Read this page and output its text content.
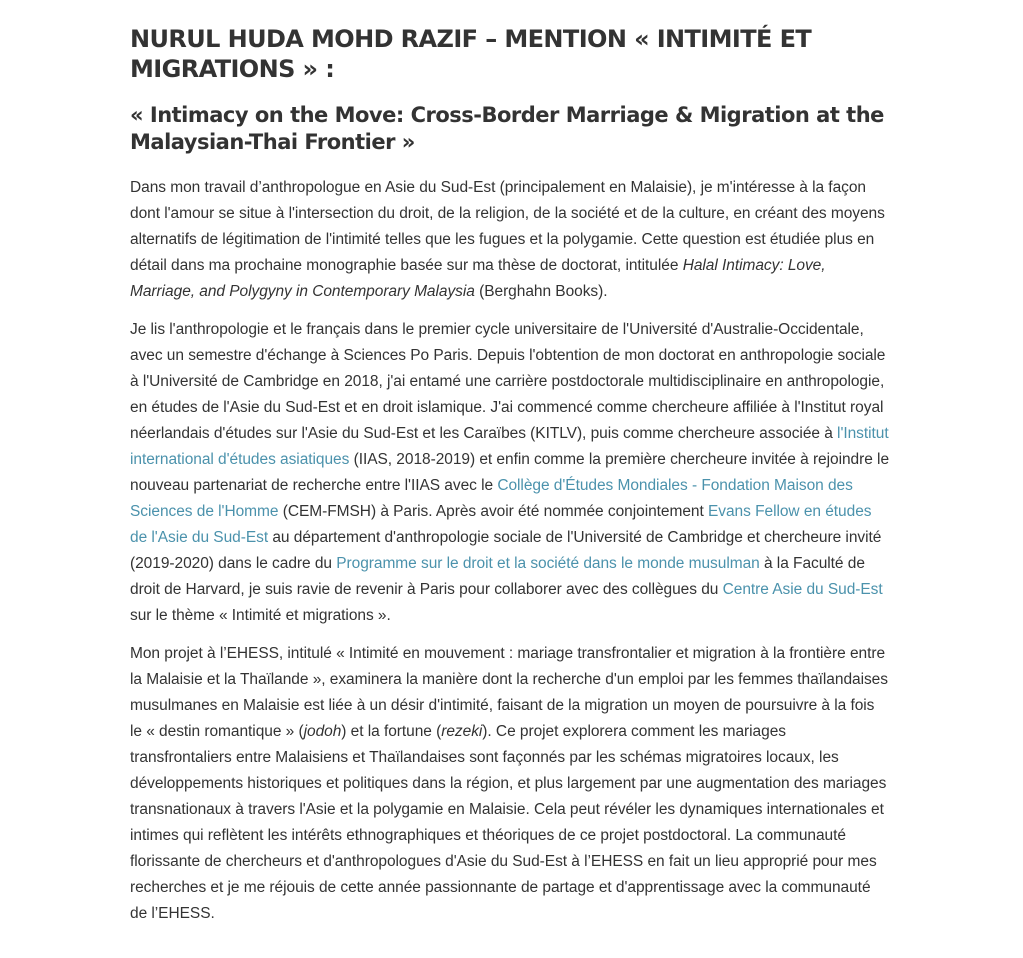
NURUL HUDA MOHD RAZIF – MENTION « INTIMITÉ ET MIGRATIONS » :
« Intimacy on the Move: Cross-Border Marriage & Migration at the Malaysian-Thai Frontier »

Dans mon travail d’anthropologue en Asie du Sud-Est (principalement en Malaisie), je m'intéresse à la façon dont l'amour se situe à l'intersection du droit, de la religion, de la société et de la culture, en créant des moyens alternatifs de légitimation de l'intimité telles que les fugues et la polygamie. Cette question est étudiée plus en détail dans ma prochaine monographie basée sur ma thèse de doctorat, intitulée Halal Intimacy: Love, Marriage, and Polygyny in Contemporary Malaysia (Berghahn Books).

Je lis l'anthropologie et le français dans le premier cycle universitaire de l'Université d'Australie-Occidentale, avec un semestre d'échange à Sciences Po Paris. Depuis l'obtention de mon doctorat en anthropologie sociale à l'Université de Cambridge en 2018, j'ai entamé une carrière postdoctorale multidisciplinaire en anthropologie, en études de l'Asie du Sud-Est et en droit islamique. J'ai commencé comme chercheure affiliée à l'Institut royal néerlandais d'études sur l'Asie du Sud-Est et les Caraïbes (KITLV), puis comme chercheure associée à l'Institut international d'études asiatiques (IIAS, 2018-2019) et enfin comme la première chercheure invitée à rejoindre le nouveau partenariat de recherche entre l'IIAS avec le Collège d'Études Mondiales - Fondation Maison des Sciences de l'Homme (CEM-FMSH) à Paris. Après avoir été nommée conjointement Evans Fellow en études de l'Asie du Sud-Est au département d'anthropologie sociale de l'Université de Cambridge et chercheure invité (2019-2020) dans le cadre du Programme sur le droit et la société dans le monde musulman à la Faculté de droit de Harvard, je suis ravie de revenir à Paris pour collaborer avec des collègues du Centre Asie du Sud-Est sur le thème « Intimité et migrations ».

Mon projet à l’EHESS, intitulé « Intimité en mouvement : mariage transfrontalier et migration à la frontière entre la Malaisie et la Thaïlande », examinera la manière dont la recherche d'un emploi par les femmes thaïlandaises musulmanes en Malaisie est liée à un désir d'intimité, faisant de la migration un moyen de poursuivre à la fois le « destin romantique » (jodoh) et la fortune (rezeki). Ce projet explorera comment les mariages transfrontaliers entre Malaisiens et Thaïlandaises sont façonnés par les schémas migratoires locaux, les développements historiques et politiques dans la région, et plus largement par une augmentation des mariages transnationaux à travers l'Asie et la polygamie en Malaisie. Cela peut révéler les dynamiques internationales et intimes qui reflètent les intérêts ethnographiques et théoriques de ce projet postdoctoral. La communauté florissante de chercheurs et d'anthropologues d'Asie du Sud-Est à l’EHESS en fait un lieu approprié pour mes recherches et je me réjouis de cette année passionnante de partage et d'apprentissage avec la communauté de l’EHESS.
